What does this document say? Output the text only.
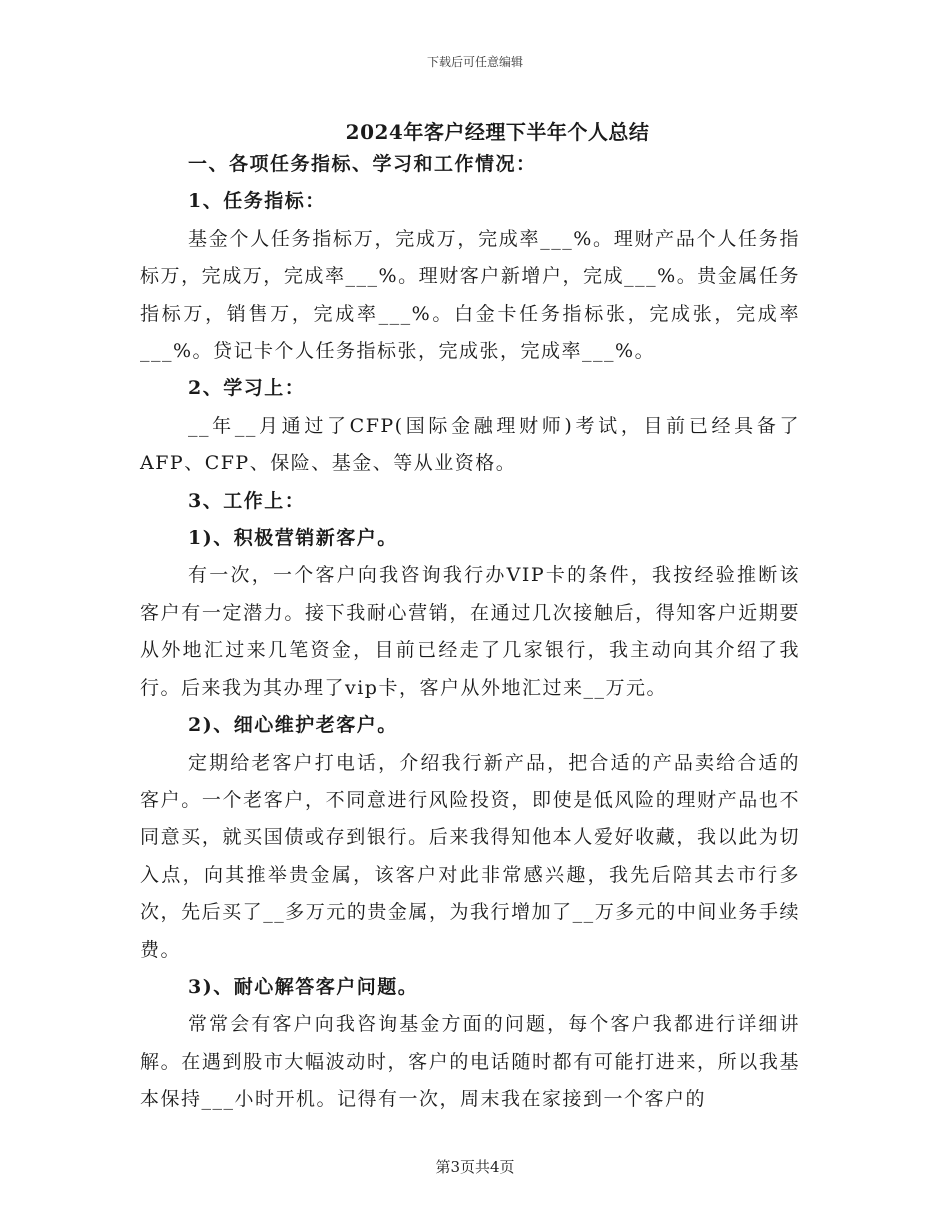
下载后可任意编辑
2024年客户经理下半年个人总结

一、各项任务指标、学习和工作情况：

1、任务指标：

基金个人任务指标万，完成万，完成率___%。理财产品个人任务指标万，完成万，完成率___%。理财客户新增户，完成___%。贵金属任务指标万，销售万，完成率___%。白金卡任务指标张，完成张，完成率___%。贷记卡个人任务指标张，完成张，完成率___%。

2、学习上：

__年__月通过了CFP(国际金融理财师)考试，目前已经具备了AFP、CFP、保险、基金、等从业资格。

3、工作上：

1)、积极营销新客户。

有一次，一个客户向我咨询我行办VIP卡的条件，我按经验推断该客户有一定潜力。接下我耐心营销，在通过几次接触后，得知客户近期要从外地汇过来几笔资金，目前已经走了几家银行，我主动向其介绍了我行。后来我为其办理了vip卡，客户从外地汇过来__万元。

2)、细心维护老客户。

定期给老客户打电话，介绍我行新产品，把合适的产品卖给合适的客户。一个老客户，不同意进行风险投资，即使是低风险的理财产品也不同意买，就买国债或存到银行。后来我得知他本人爱好收藏，我以此为切入点，向其推举贵金属，该客户对此非常感兴趣，我先后陪其去市行多次，先后买了__多万元的贵金属，为我行增加了__万多元的中间业务手续费。

3)、耐心解答客户问题。

常常会有客户向我咨询基金方面的问题，每个客户我都进行详细讲解。在遇到股市大幅波动时，客户的电话随时都有可能打进来，所以我基本保持___小时开机。记得有一次，周末我在家接到一个客户的

第3页共4页
